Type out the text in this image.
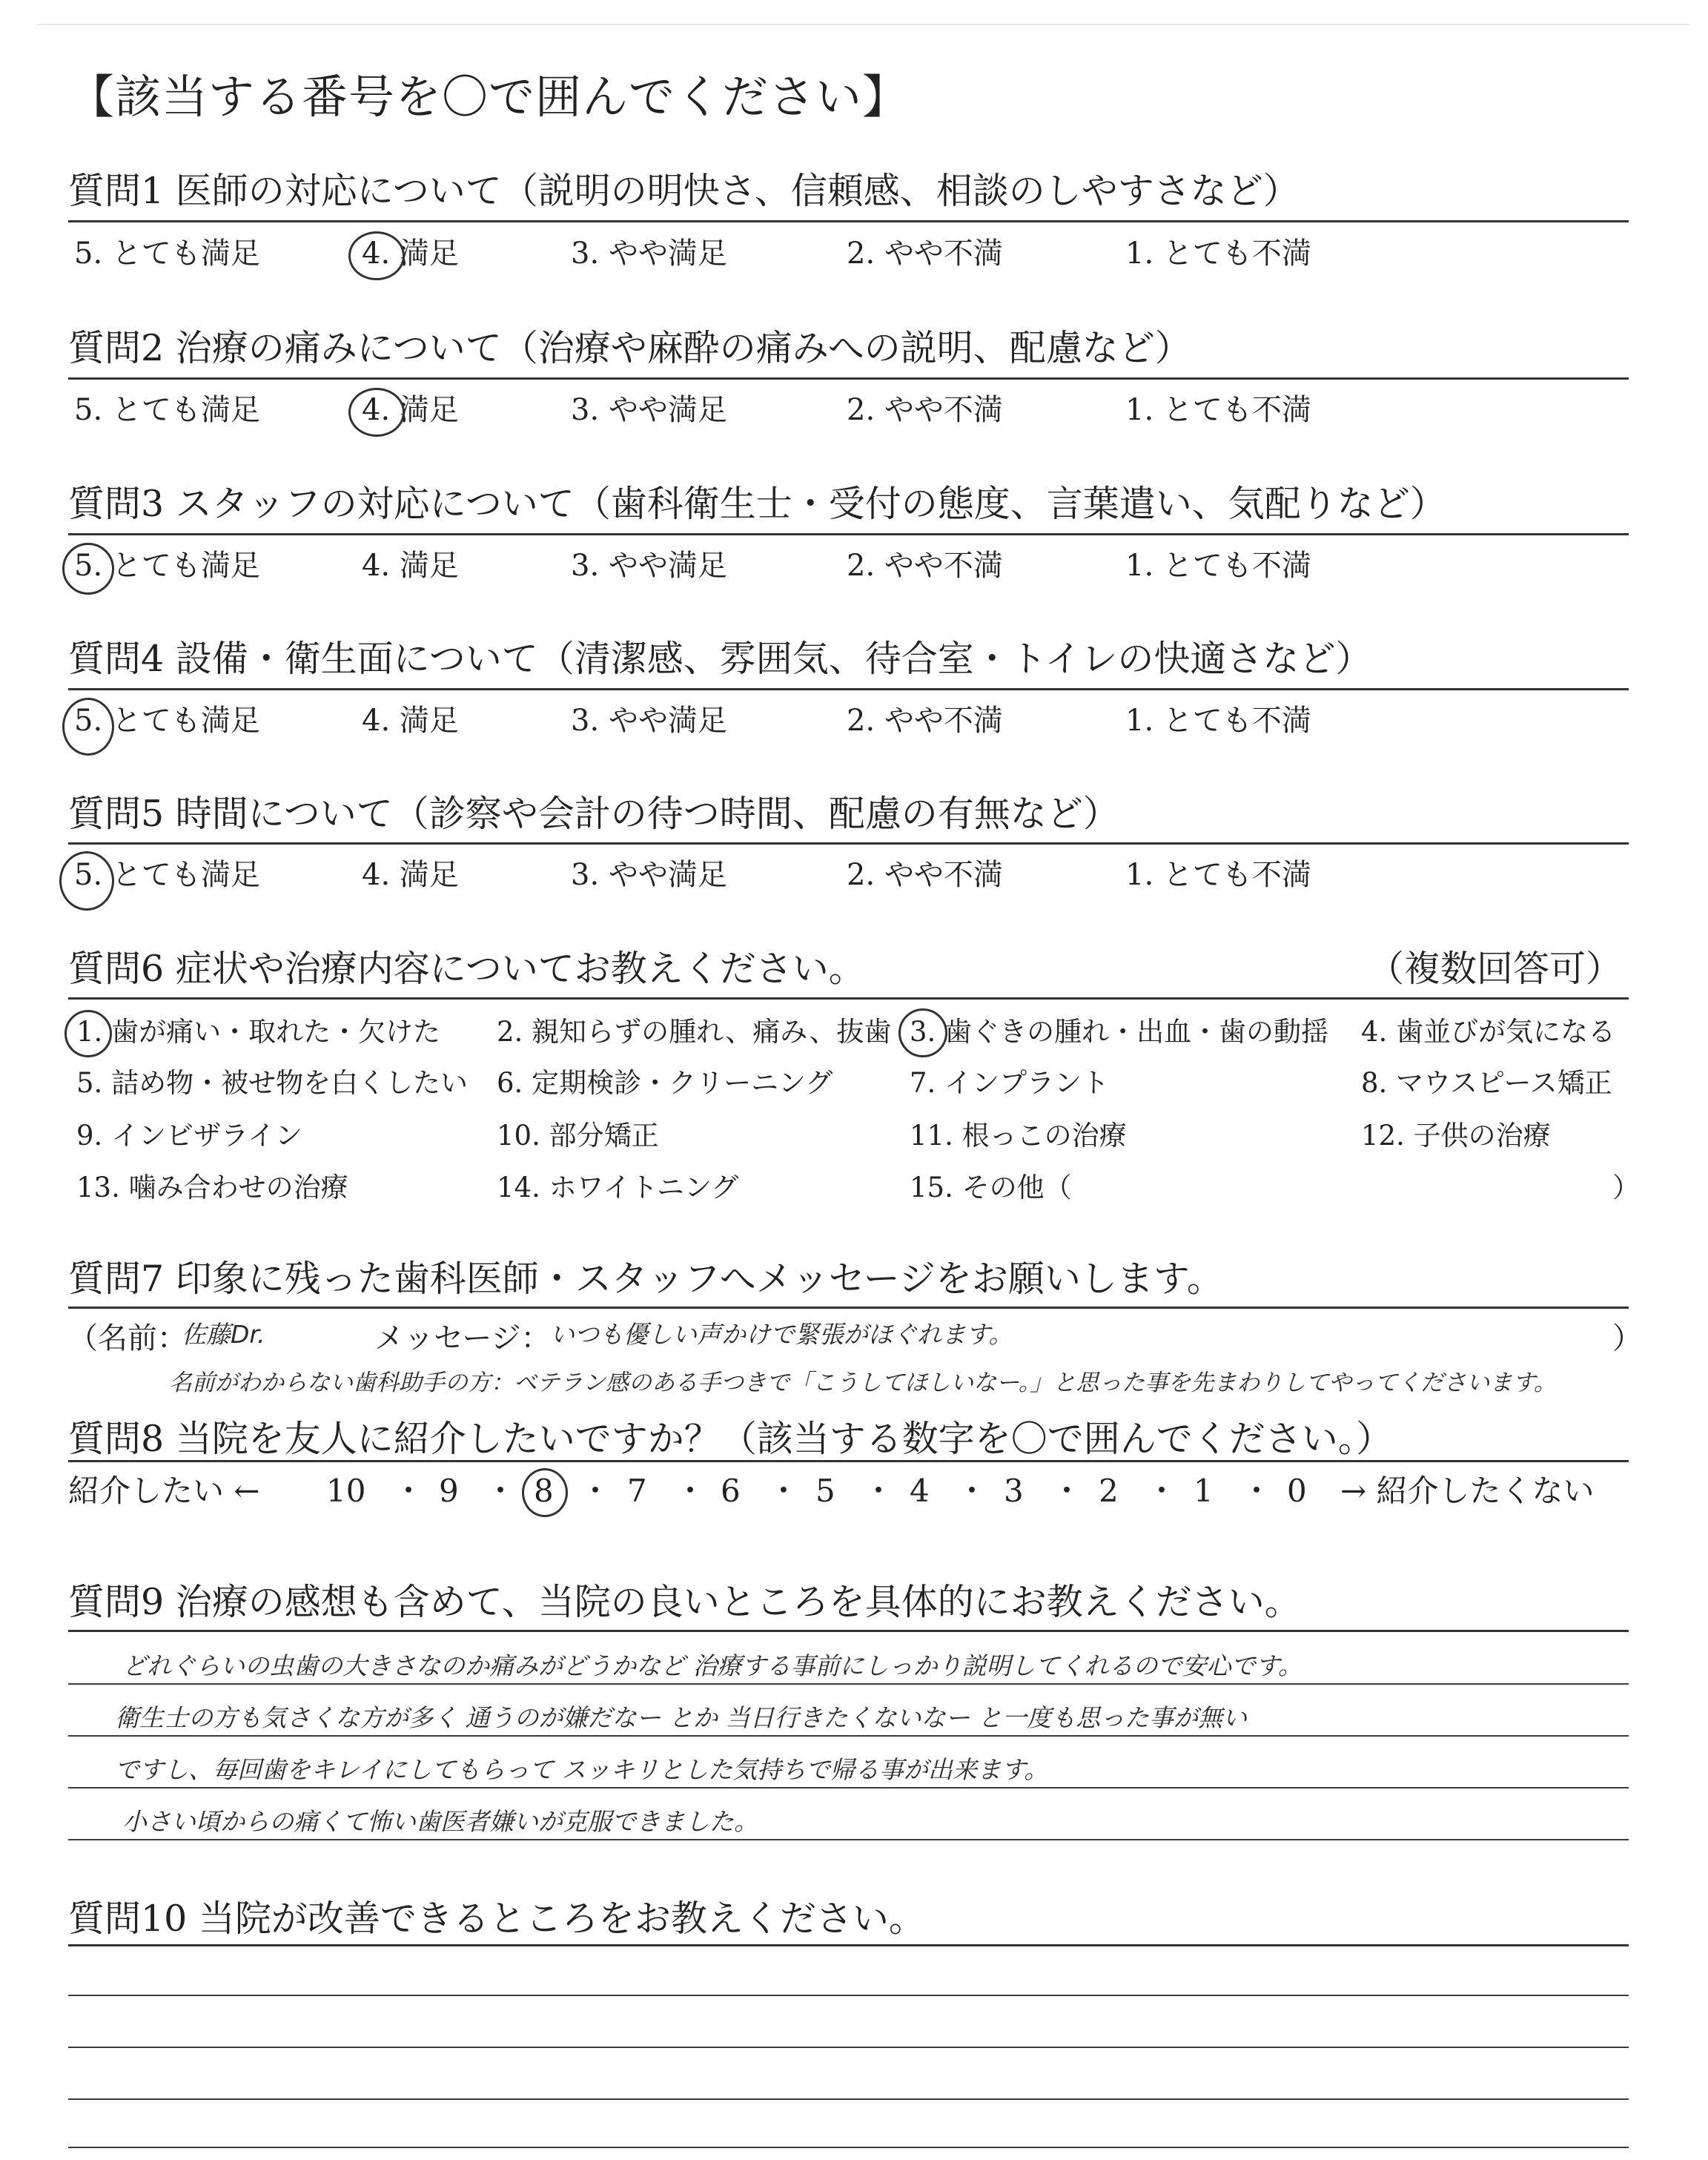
【該当する番号を〇で囲んでください】
質問1 医師の対応について（説明の明快さ、信頼感、相談のしやすさなど）
5. とても満足	4. 満足	3. やや満足	2. やや不満	1. とても不満
質問2 治療の痛みについて（治療や麻酔の痛みへの説明、配慮など）
5. とても満足	4. 満足	3. やや満足	2. やや不満	1. とても不満
質問3 スタッフの対応について（歯科衛生士・受付の態度、言葉遣い、気配りなど）
5. とても満足	4. 満足	3. やや満足	2. やや不満	1. とても不満
質問4 設備・衛生面について（清潔感、雰囲気、待合室・トイレの快適さなど）
5. とても満足	4. 満足	3. やや満足	2. やや不満	1. とても不満
質問5 時間について（診察や会計の待つ時間、配慮の有無など）
5. とても満足	4. 満足	3. やや満足	2. やや不満	1. とても不満
質問6 症状や治療内容についてお教えください。	（複数回答可）
1. 歯が痛い・取れた・欠けた 2. 親知らずの腫れ、痛み、抜歯 3. 歯ぐきの腫れ・出血・歯の動揺 4. 歯並びが気になる
5. 詰め物・被せ物を白くしたい 6. 定期検診・クリーニング	7. インプラント	8. マウスピース矯正
9. インビザライン	10. 部分矯正	11. 根っこの治療	12. 子供の治療
13. 噛み合わせの治療	14. ホワイトニング	15. その他（	）
質問7 印象に残った歯科医師・スタッフへメッセージをお願いします。
（名前：
佐藤Dr.	メッセージ： いつも優しい声かけで緊張がほぐれます。	）
名前がわからない歯科助手の方：ベテラン感のある手つきで「こうしてほしいなー。」と思った事を先まわりしてやってくださいます。
質問8 当院を友人に紹介したいですか？（該当する数字を〇で囲んでください。）
紹介したい ← 10 ・ 9 ・ 8 ・ 7 ・ 6 ・ 5 ・ 4 ・ 3 ・ 2 ・ 1 ・ 0 → 紹介したくない
質問9 治療の感想も含めて、当院の良いところを具体的にお教えください。
どれぐらいの虫歯の大きさなのか痛みがどうかなど 治療する事前にしっかり説明してくれるので安心です。
衛生士の方も気さくな方が多く 通うのが嫌だなー とか 当日行きたくないなー と一度も思った事が無い
ですし、毎回歯をキレイにしてもらって スッキリとした気持ちで帰る事が出来ます。
小さい頃からの痛くて怖い歯医者嫌いが克服できました。
質問10 当院が改善できるところをお教えください。
